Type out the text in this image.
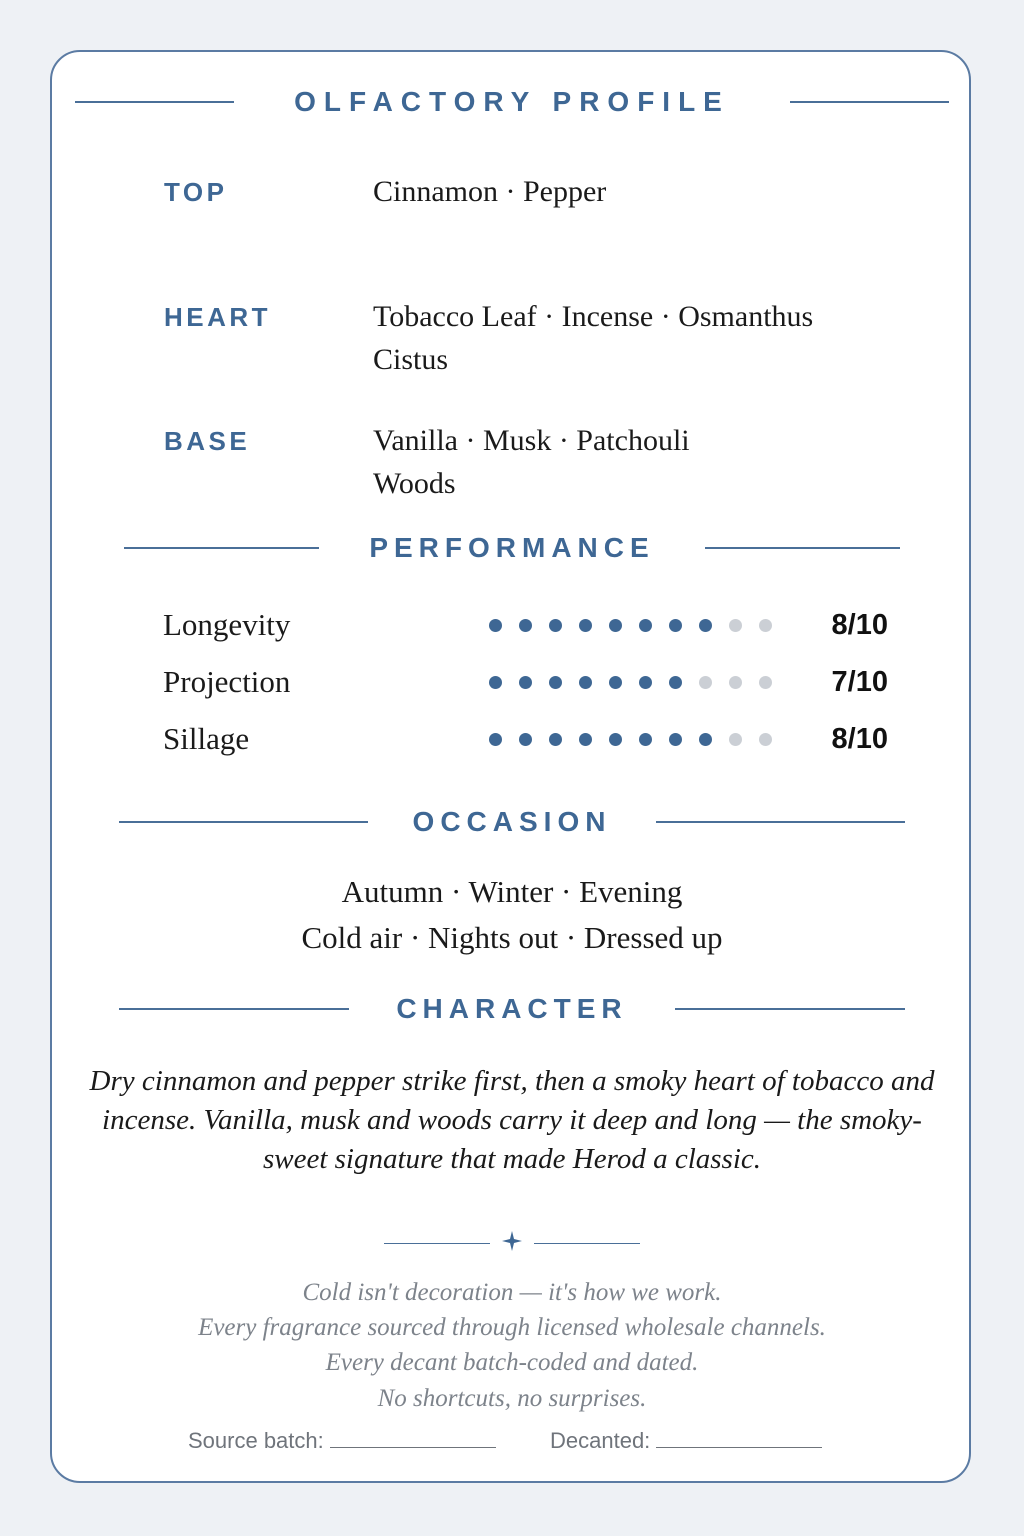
OLFACTORY PROFILE
TOP	Cinnamon · Pepper
HEART	Tobacco Leaf · Incense · Osmanthus
Cistus
BASE	Vanilla · Musk · Patchouli
Woods
PERFORMANCE
Longevity	8/10
Projection	7/10
Sillage	8/10
OCCASION
Autumn · Winter · Evening
Cold air · Nights out · Dressed up
CHARACTER
Dry cinnamon and pepper strike first, then a smoky heart of tobacco and incense. Vanilla, musk and woods carry it deep and long — the smoky-sweet signature that made Herod a classic.
Cold isn't decoration — it's how we work.
Every fragrance sourced through licensed wholesale channels.
Every decant batch-coded and dated.
No shortcuts, no surprises.
Source batch:	Decanted:
